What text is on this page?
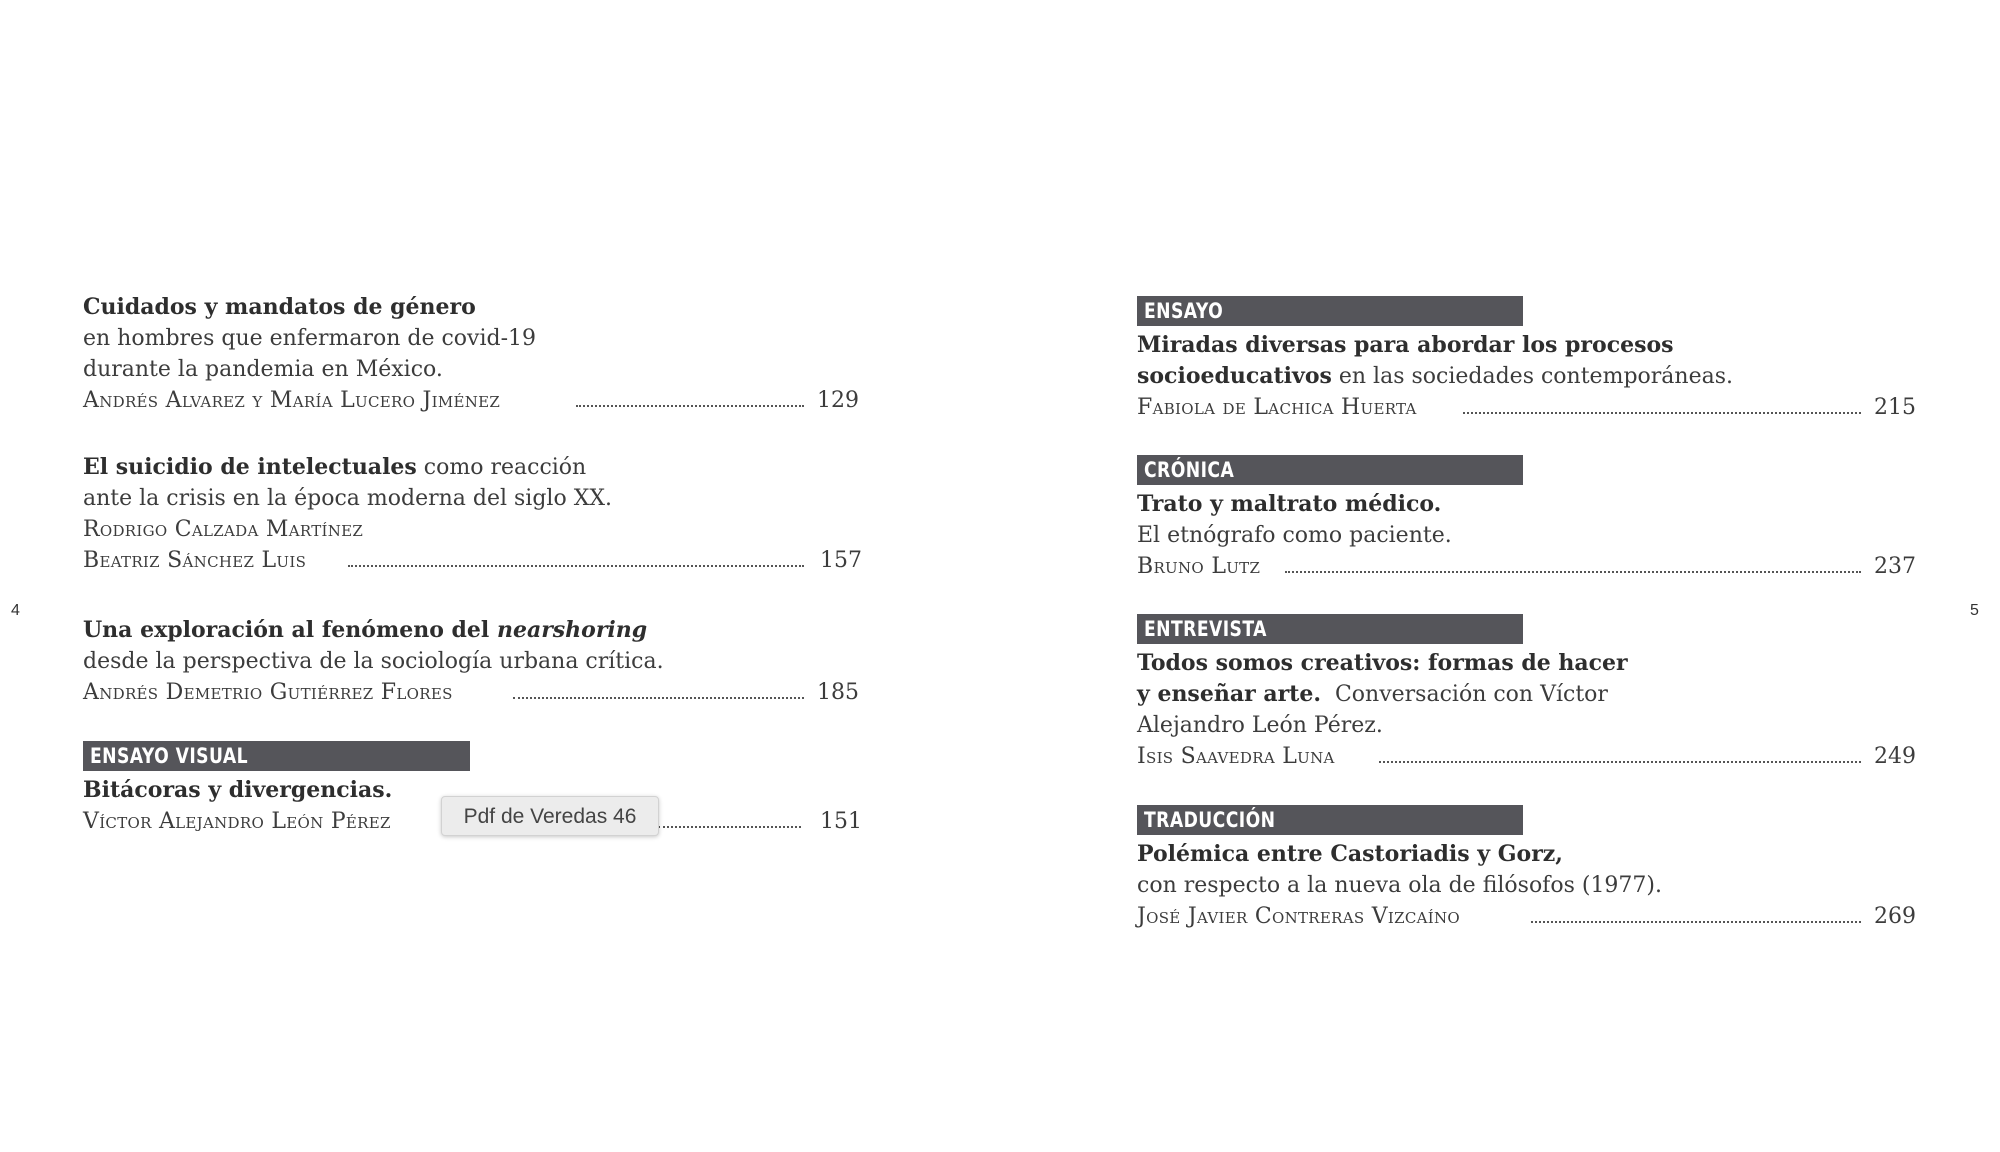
4	5
Cuidados y mandatos de género
en hombres que enfermaron de covid-19
durante la pandemia en México.
Andrés Alvarez y María Lucero Jiménez	129
El suicidio de intelectuales como reacción
ante la crisis en la época moderna del siglo XX.
Rodrigo Calzada Martínez
Beatriz Sánchez Luis	157
Una exploración al fenómeno del nearshoring
desde la perspectiva de la sociología urbana crítica.
Andrés Demetrio Gutiérrez Flores	185
ENSAYO VISUAL
Bitácoras y divergencias.
Víctor Alejandro León Pérez	151
ENSAYO
Miradas diversas para abordar los procesos
socioeducativos en las sociedades contemporáneas.
Fabiola de Lachica Huerta	215
CRÓNICA
Trato y maltrato médico.
El etnógrafo como paciente.
Bruno Lutz	237
ENTREVISTA
Todos somos creativos: formas de hacer
y enseñar arte.  Conversación con Víctor
Alejandro León Pérez.
Isis Saavedra Luna	249
TRADUCCIÓN
Polémica entre Castoriadis y Gorz,
con respecto a la nueva ola de filósofos (1977).
José Javier Contreras Vizcaíno	269
Pdf de Veredas 46
